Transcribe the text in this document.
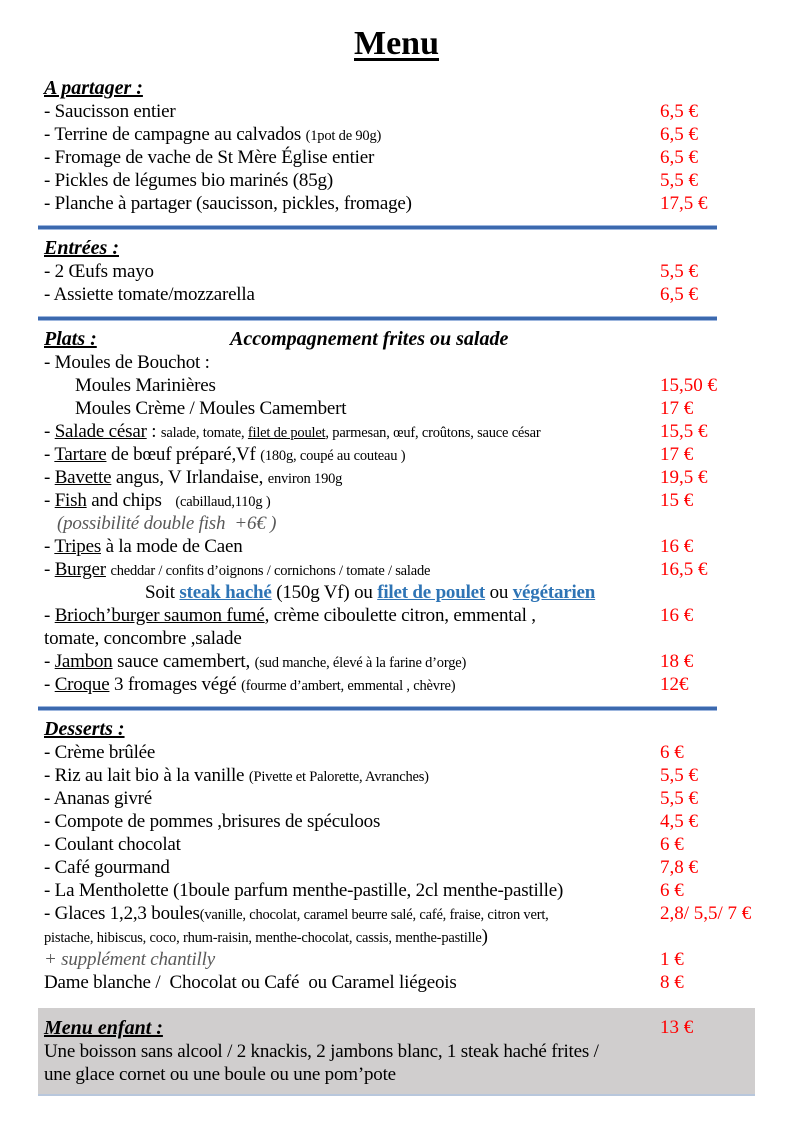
Menu
A partager :
- Saucisson entier	6,5 €
- Terrine de campagne au calvados (1pot de 90g)	6,5 €
- Fromage de vache de St Mère Église entier	6,5 €
- Pickles de légumes bio marinés (85g)	5,5 €
- Planche à partager (saucisson, pickles, fromage)	17,5 €
Entrées :
- 2 Œufs mayo	5,5 €
- Assiette tomate/mozzarella	6,5 €
Plats :	Accompagnement frites ou salade
- Moules de Bouchot :
Moules Marinières	15,50 €
Moules Crème / Moules Camembert	17 €
- Salade césar : salade, tomate, filet de poulet, parmesan, œuf, croûtons, sauce césar	15,5 €
- Tartare de bœuf préparé,Vf (180g, coupé au couteau )	17 €
- Bavette angus, V Irlandaise, environ 190g	19,5 €
- Fish and chips   (cabillaud,110g )	15 €
(possibilité double fish  +6€ )
- Tripes à la mode de Caen	16 €
- Burger cheddar / confits d’oignons / cornichons / tomate / salade	16,5 €
Soit steak haché (150g Vf) ou filet de poulet ou végétarien
- Brioch’burger saumon fumé, crème ciboulette citron, emmental ,	16 €
tomate, concombre ,salade
- Jambon sauce camembert, (sud manche, élevé à la farine d’orge)	18 €
- Croque 3 fromages végé (fourme d’ambert, emmental , chèvre)	12€
Desserts :
- Crème brûlée	6 €
- Riz au lait bio à la vanille (Pivette et Palorette, Avranches)	5,5 €
- Ananas givré	5,5 €
- Compote de pommes ,brisures de spéculoos	4,5 €
- Coulant chocolat	6 €
- Café gourmand	7,8 €
- La Mentholette (1boule parfum menthe-pastille, 2cl menthe-pastille)	6 €
- Glaces 1,2,3 boules(vanille, chocolat, caramel beurre salé, café, fraise, citron vert,	2,8/ 5,5/ 7 €
pistache, hibiscus, coco, rhum-raisin, menthe-chocolat, cassis, menthe-pastille)
+ supplément chantilly	1 €
Dame blanche /  Chocolat ou Café  ou Caramel liégeois	8 €
Menu enfant :	13 €
Une boisson sans alcool / 2 knackis, 2 jambons blanc, 1 steak haché frites /
une glace cornet ou une boule ou une pom’pote
